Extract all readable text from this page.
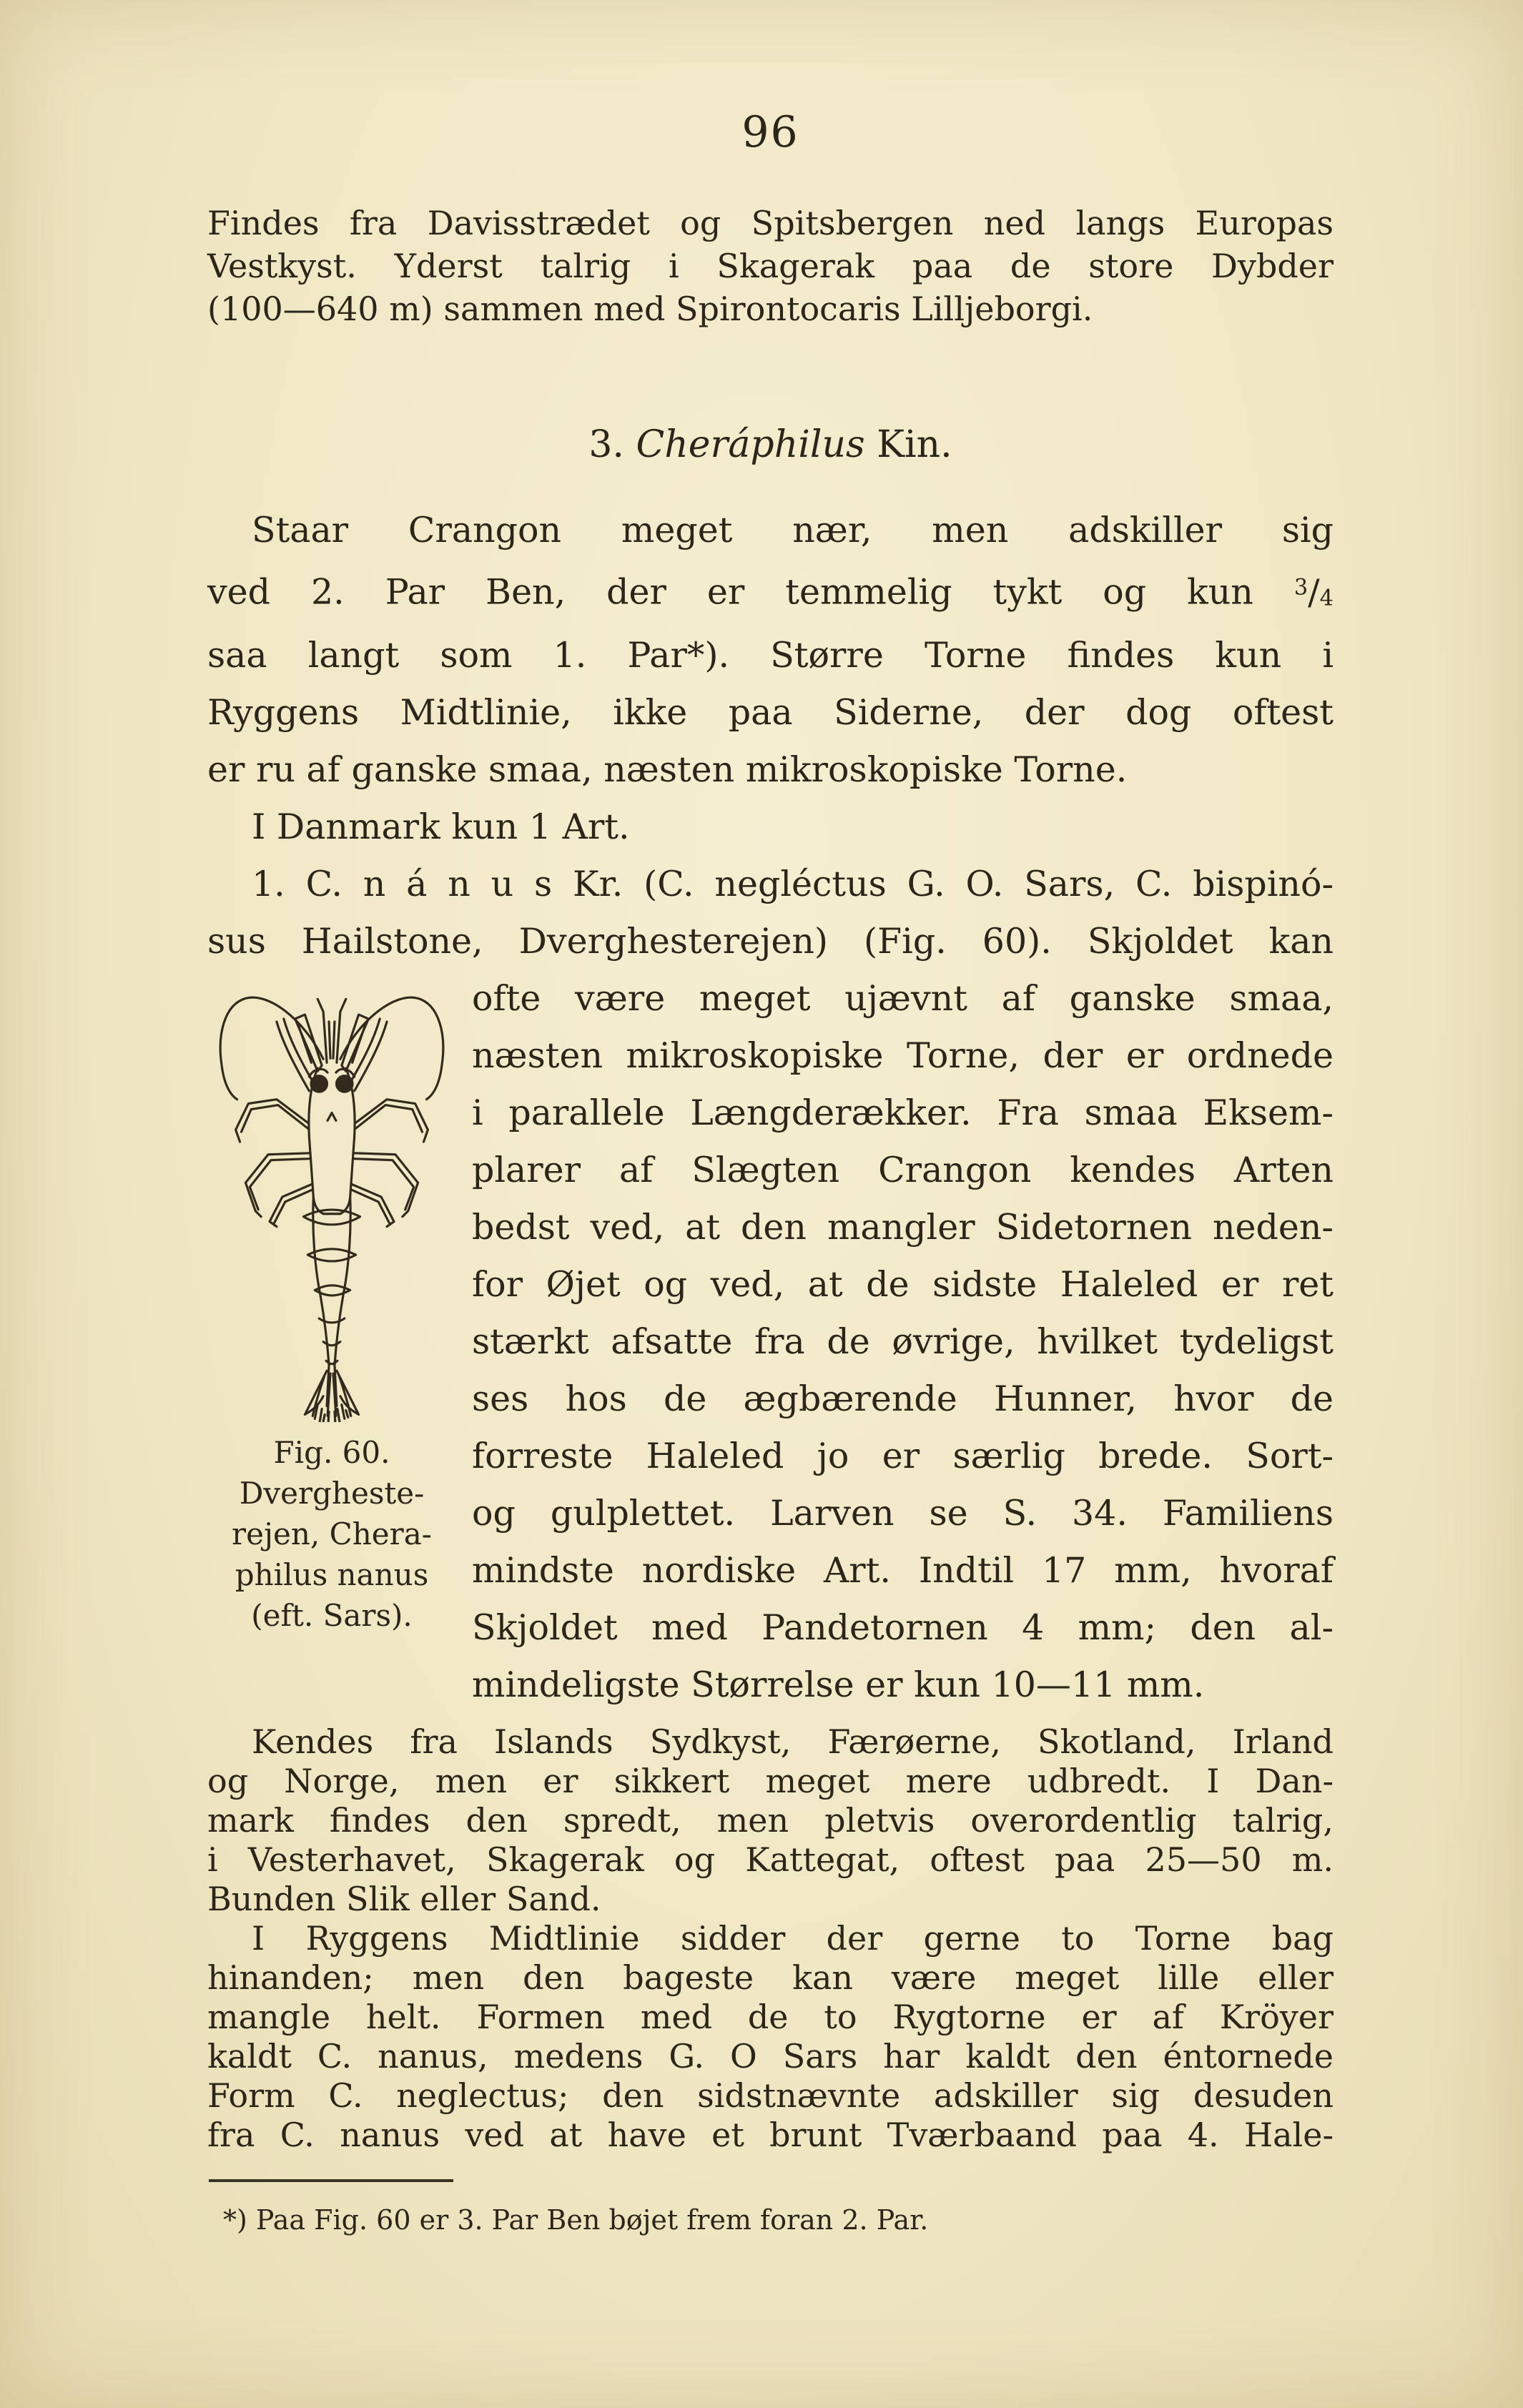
96
Findes fra Davisstrædet og Spitsbergen ned langs Europas
Vestkyst. Yderst talrig i Skagerak paa de store Dybder
(100—640 m) sammen med Spirontocaris Lilljeborgi.
3. Cheráphilus Kin.
Staar Crangon meget nær, men adskiller sig
ved 2. Par Ben, der er temmelig tykt og kun $^3/_4$
saa langt som 1. Par*). Større Torne findes kun i
Ryggens Midtlinie, ikke paa Siderne, der dog oftest
er ru af ganske smaa, næsten mikroskopiske Torne.
I Danmark kun 1 Art.
1. C. n á n u s Kr. (C. negléctus G. O. Sars, C. bispinó-
sus Hailstone, Dverghesterejen) (Fig. 60). Skjoldet kan
Fig. 60.
Dvergheste-
rejen, Chera-
philus nanus
(eft. Sars).
ofte være meget ujævnt af ganske smaa,
næsten mikroskopiske Torne, der er ordnede
i parallele Længderækker. Fra smaa Eksem-
plarer af Slægten Crangon kendes Arten
bedst ved, at den mangler Sidetornen neden-
for Øjet og ved, at de sidste Haleled er ret
stærkt afsatte fra de øvrige, hvilket tydeligst
ses hos de ægbærende Hunner, hvor de
forreste Haleled jo er særlig brede. Sort-
og gulplettet. Larven se S. 34. Familiens
mindste nordiske Art. Indtil 17 mm, hvoraf
Skjoldet med Pandetornen 4 mm; den al-
mindeligste Størrelse er kun 10—11 mm.
Kendes fra Islands Sydkyst, Færøerne, Skotland, Irland
og Norge, men er sikkert meget mere udbredt. I Dan-
mark findes den spredt, men pletvis overordentlig talrig,
i Vesterhavet, Skagerak og Kattegat, oftest paa 25—50 m.
Bunden Slik eller Sand.
I Ryggens Midtlinie sidder der gerne to Torne bag
hinanden; men den bageste kan være meget lille eller
mangle helt. Formen med de to Rygtorne er af Kröyer
kaldt C. nanus, medens G. O Sars har kaldt den éntornede
Form C. neglectus; den sidstnævnte adskiller sig desuden
fra C. nanus ved at have et brunt Tværbaand paa 4. Hale-
*) Paa Fig. 60 er 3. Par Ben bøjet frem foran 2. Par.
